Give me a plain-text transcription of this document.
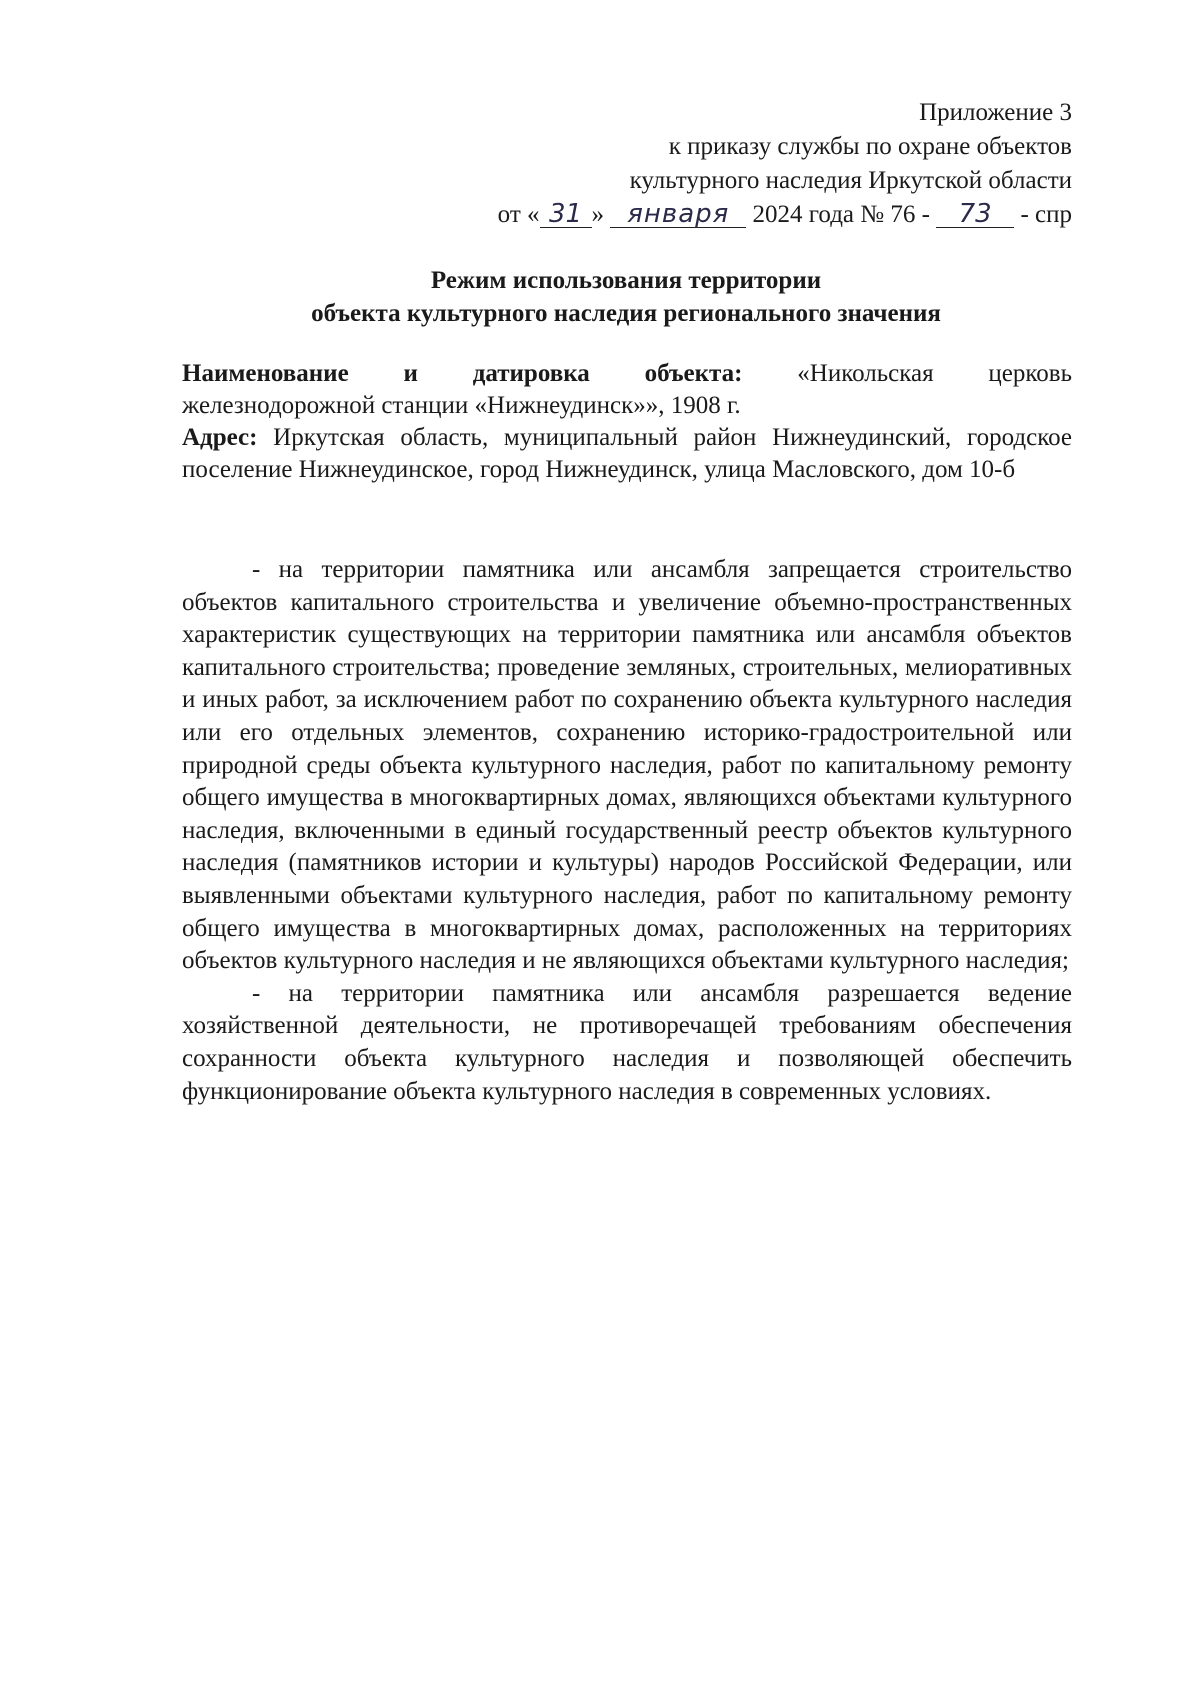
Приложение 3
к приказу службы по охране объектов
культурного наследия Иркутской области
от « 31 » января 2024 года № 76 - 73 - спр
Режим использования территории
объекта культурного наследия регионального значения
Наименование и датировка объекта: «Никольская церковь

железнодорожной станции «Нижнеудинск»», 1908 г.

Адрес: Иркутская область, муниципальный район Нижнеудинский, городское поселение Нижнеудинское, город Нижнеудинск, улица Масловского, дом 10-б

- на территории памятника или ансамбля запрещается строительство объектов капитального строительства и увеличение объемно-пространственных характеристик существующих на территории памятника или ансамбля объектов капитального строительства; проведение земляных, строительных, мелиоративных и иных работ, за исключением работ по сохранению объекта культурного наследия или его отдельных элементов, сохранению историко-градостроительной или природной среды объекта культурного наследия, работ по капитальному ремонту общего имущества в многоквартирных домах, являющихся объектами культурного наследия, включенными в единый государственный реестр объектов культурного наследия (памятников истории и культуры) народов Российской Федерации, или выявленными объектами культурного наследия, работ по капитальному ремонту общего имущества в многоквартирных домах, расположенных на территориях объектов культурного наследия и не являющихся объектами культурного наследия;

- на территории памятника или ансамбля разрешается ведение хозяйственной деятельности, не противоречащей требованиям обеспечения сохранности объекта культурного наследия и позволяющей обеспечить функционирование объекта культурного наследия в современных условиях.
